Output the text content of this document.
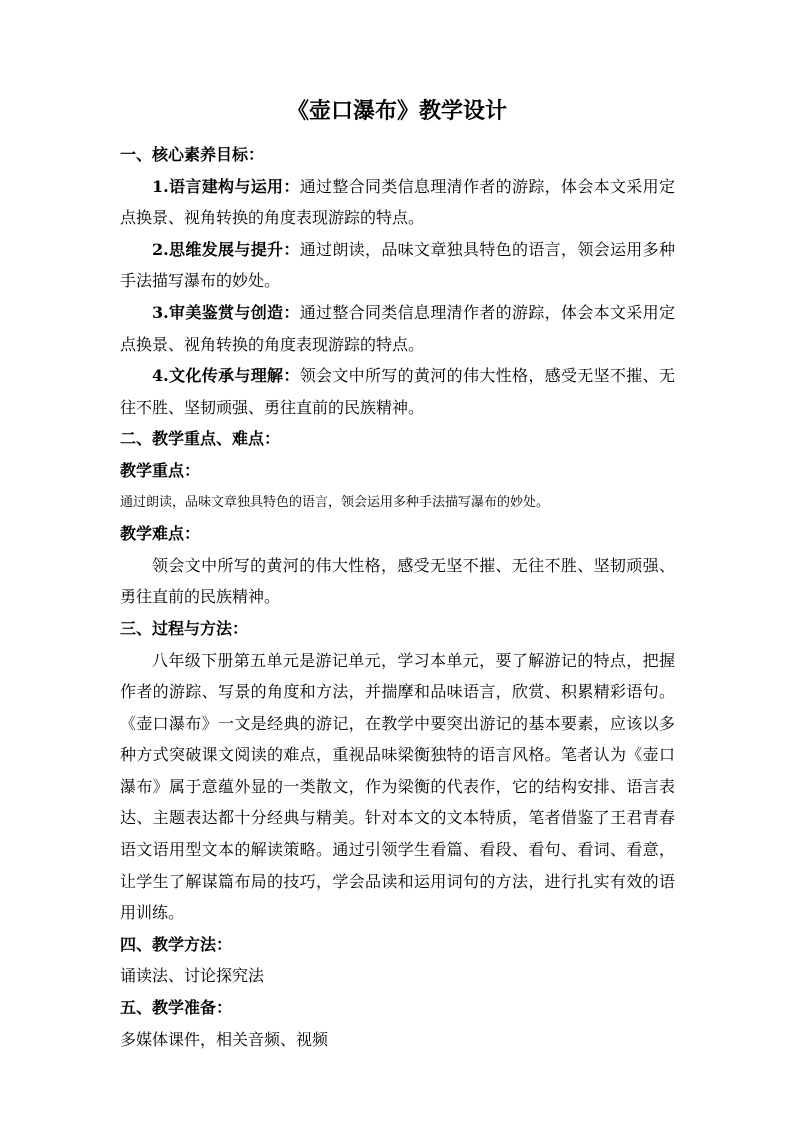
《壶口瀑布》教学设计

一、核心素养目标：

1.语言建构与运用：通过整合同类信息理清作者的游踪，体会本文采用定点换景、视角转换的角度表现游踪的特点。

2.思维发展与提升：通过朗读，品味文章独具特色的语言，领会运用多种手法描写瀑布的妙处。

3.审美鉴赏与创造：通过整合同类信息理清作者的游踪，体会本文采用定点换景、视角转换的角度表现游踪的特点。

4.文化传承与理解：领会文中所写的黄河的伟大性格，感受无坚不摧、无往不胜、坚韧顽强、勇往直前的民族精神。

二、教学重点、难点：

教学重点：

通过朗读，品味文章独具特色的语言，领会运用多种手法描写瀑布的妙处。

教学难点：

领会文中所写的黄河的伟大性格，感受无坚不摧、无往不胜、坚韧顽强、勇往直前的民族精神。

三、过程与方法：

八年级下册第五单元是游记单元，学习本单元，要了解游记的特点，把握作者的游踪、写景的角度和方法，并揣摩和品味语言，欣赏、积累精彩语句。《壶口瀑布》一文是经典的游记，在教学中要突出游记的基本要素，应该以多种方式突破课文阅读的难点，重视品味梁衡独特的语言风格。笔者认为《壶口瀑布》属于意蕴外显的一类散文，作为梁衡的代表作，它的结构安排、语言表达、主题表达都十分经典与精美。针对本文的文本特质，笔者借鉴了王君青春语文语用型文本的解读策略。通过引领学生看篇、看段、看句、看词、看意，让学生了解谋篇布局的技巧，学会品读和运用词句的方法，进行扎实有效的语用训练。

四、教学方法：

诵读法、讨论探究法

五、教学准备：

多媒体课件，相关音频、视频
